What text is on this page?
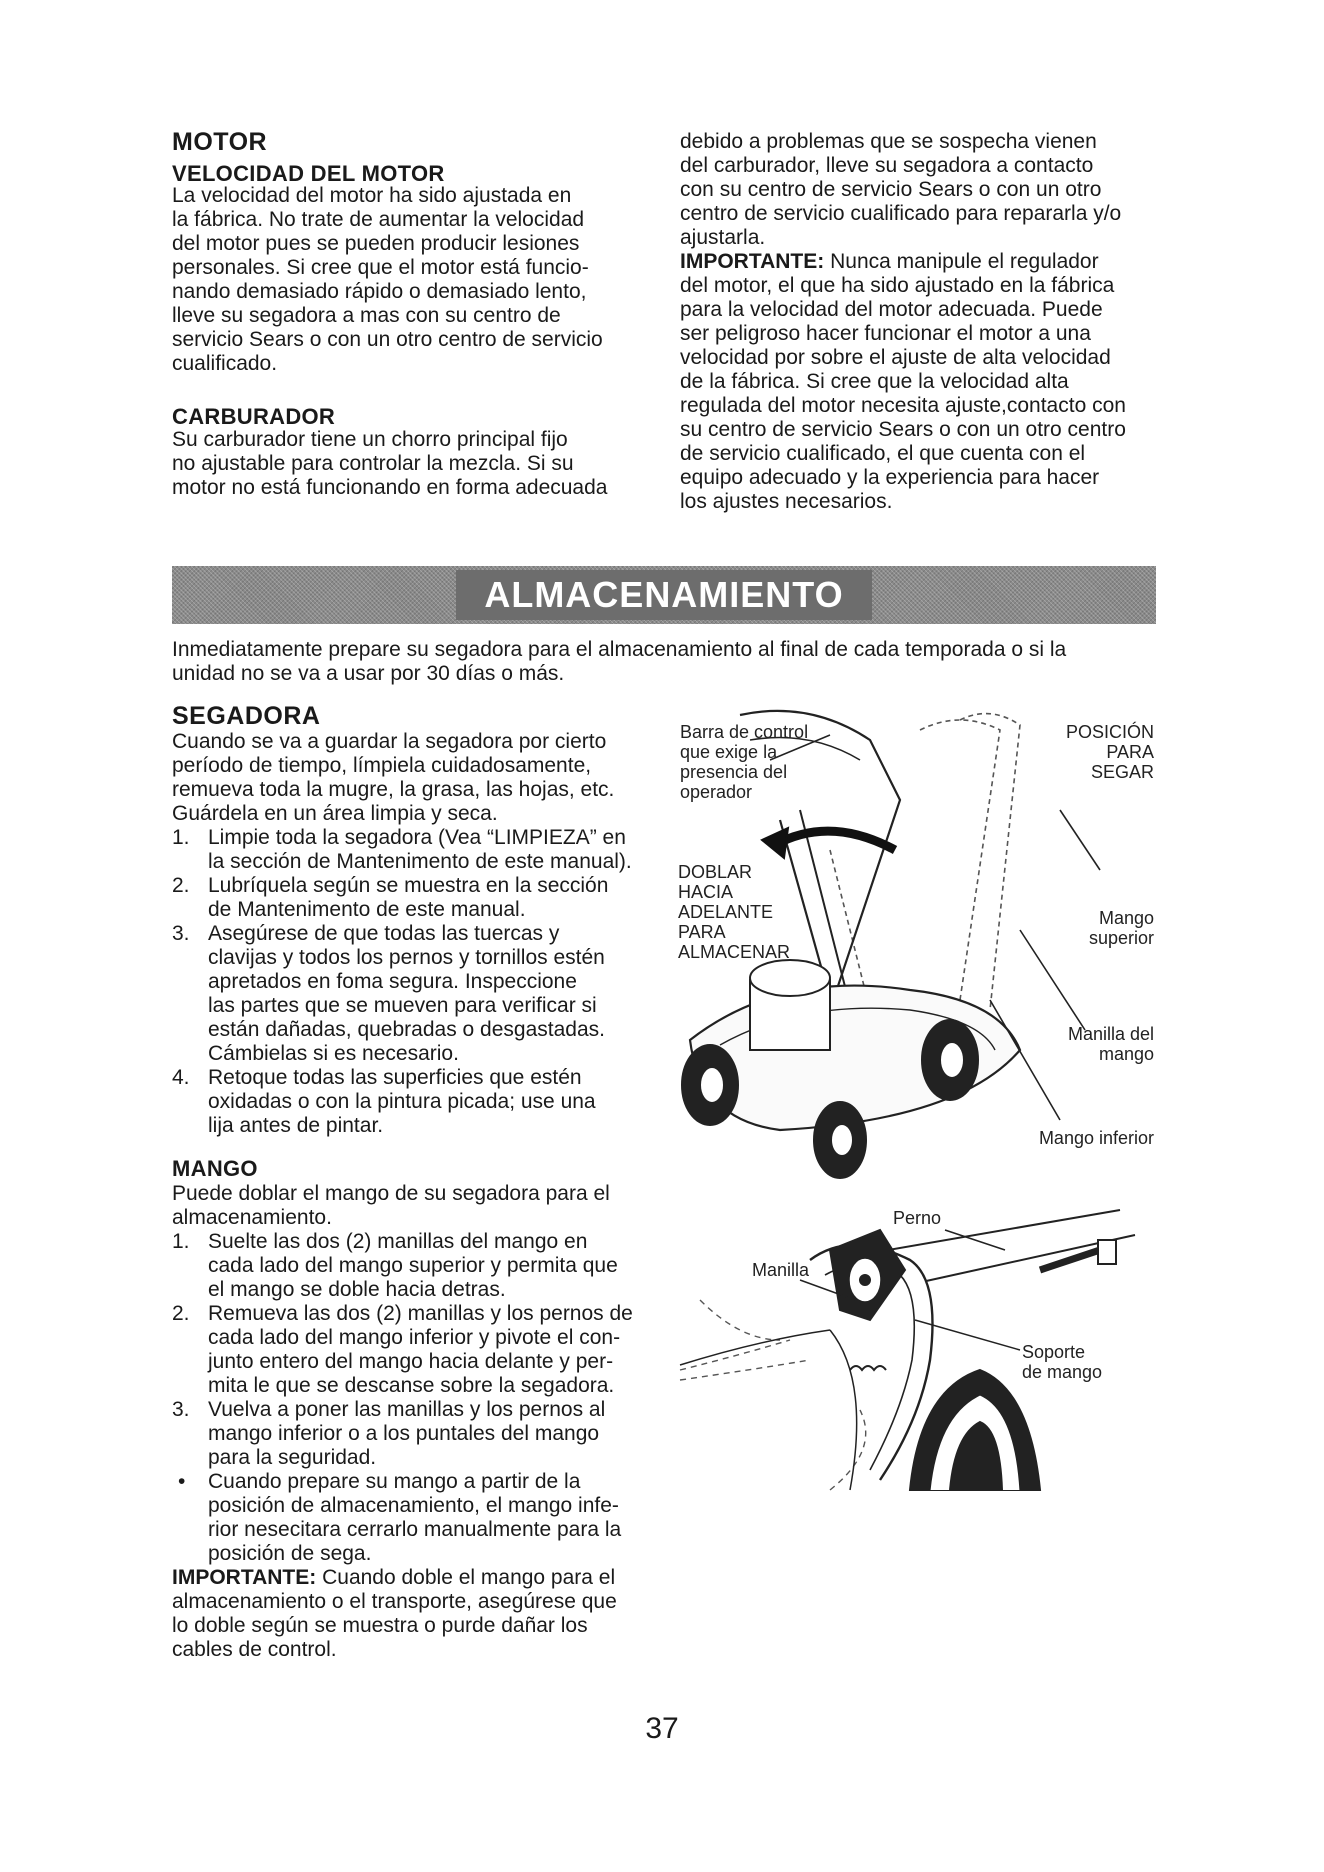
MOTOR
VELOCIDAD DEL MOTOR

La velocidad del motor ha sido ajustada en

la fábrica. No trate de aumentar la velocidad

del motor pues se pueden producir lesiones

personales. Si cree que el motor está funcio-

nando demasiado rápido o demasiado lento,

lleve su segadora a mas con su centro de

servicio Sears o con un otro centro de servicio

cualificado.

CARBURADOR

Su carburador tiene un chorro principal fijo

no ajustable para controlar la mezcla. Si su

motor no está funcionando en forma adecuada

debido a problemas que se sospecha vienen

del carburador, lleve su segadora a contacto

con su centro de servicio Sears o con un otro

centro de servicio cualificado para repararla y/o

ajustarla.

IMPORTANTE: Nunca manipule el regulador

del motor, el que ha sido ajustado en la fábrica

para la velocidad del motor adecuada. Puede

ser peligroso hacer funcionar el motor a una

velocidad por sobre el ajuste de alta velocidad

de la fábrica. Si cree que la velocidad alta

regulada del motor necesita ajuste,contacto con

su centro de servicio Sears o con un otro centro

de servicio cualificado, el que cuenta con el

equipo adecuado y la experiencia para hacer

los ajustes necesarios.

ALMACENAMIENTO

Inmediatamente prepare su segadora para el almacenamiento al final de cada temporada o si la

unidad no se va a usar por 30 días o más.

SEGADORA

Cuando se va a guardar la segadora por cierto

período de tiempo, límpiela cuidadosamente,

remueva toda la mugre, la grasa, las hojas, etc.

Guárdela en un área limpia y seca.

1. Limpie toda la segadora (Vea “LIMPIEZA” en
la sección de Mantenimento de este manual).
2. Lubríquela según se muestra en la sección
de Mantenimento de este manual.
3. Asegúrese de que todas las tuercas y
clavijas y todos los pernos y tornillos estén
apretados en foma segura. Inspeccione
las partes que se mueven para verificar si
están dañadas, quebradas o desgastadas.
Cámbielas si es necesario.
4. Retoque todas las superficies que estén
oxidadas o con la pintura picada; use una
lija antes de pintar.
MANGO

Puede doblar el mango de su segadora para el

almacenamiento.

1. Suelte las dos (2) manillas del mango en
cada lado del mango superior y permita que
el mango se doble hacia detras.
2. Remueva las dos (2) manillas y los pernos de
cada lado del mango inferior y pivote el con-
junto entero del mango hacia delante y per-
mita le que se descanse sobre la segadora.
3. Vuelva a poner las manillas y los pernos al
mango inferior o a los puntales del mango
para la seguridad.
•	Cuando prepare su mango a partir de la
posición de almacenamiento, el mango infe-
rior nesecitara cerrarlo manualmente para la
posición de sega.

IMPORTANTE: Cuando doble el mango para el

almacenamiento o el transporte, asegúrese que

lo doble según se muestra o purde dañar los

cables de control.

Barra de control
que exige la
presencia del
operador
POSICIÓN
PARA
SEGAR
DOBLAR
HACIA
ADELANTE
PARA
ALMACENAR
Mango
superior
Manilla del
mango
Mango inferior
Perno
Manilla
Soporte
de mango
37
